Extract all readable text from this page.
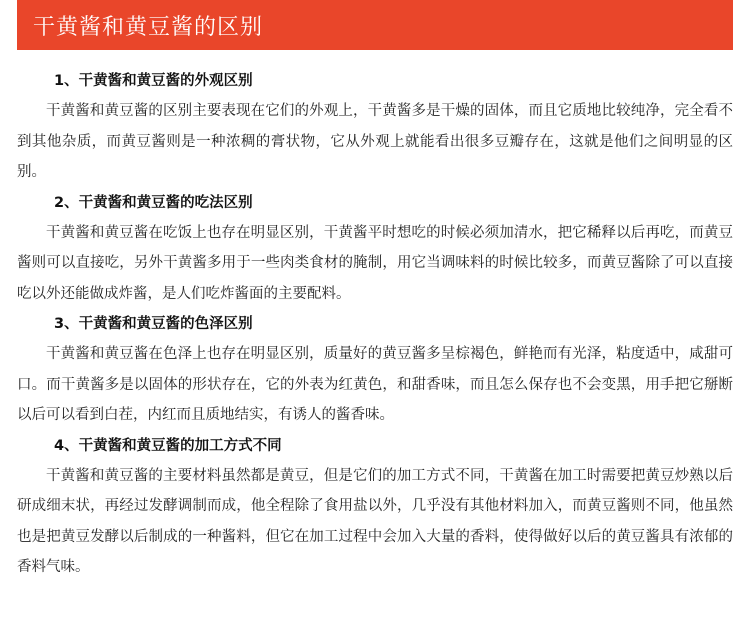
干黄酱和黄豆酱的区别
1、干黄酱和黄豆酱的外观区别

干黄酱和黄豆酱的区别主要表现在它们的外观上，干黄酱多是干燥的固体，而且它质地比较纯净，完全看不到其他杂质，而黄豆酱则是一种浓稠的膏状物，它从外观上就能看出很多豆瓣存在，这就是他们之间明显的区别。

2、干黄酱和黄豆酱的吃法区别

干黄酱和黄豆酱在吃饭上也存在明显区别，干黄酱平时想吃的时候必须加清水，把它稀释以后再吃，而黄豆酱则可以直接吃，另外干黄酱多用于一些肉类食材的腌制，用它当调味料的时候比较多，而黄豆酱除了可以直接吃以外还能做成炸酱，是人们吃炸酱面的主要配料。

3、干黄酱和黄豆酱的色泽区别

干黄酱和黄豆酱在色泽上也存在明显区别，质量好的黄豆酱多呈棕褐色，鲜艳而有光泽，粘度适中，咸甜可口。而干黄酱多是以固体的形状存在，它的外表为红黄色，和甜香味，而且怎么保存也不会变黑，用手把它掰断以后可以看到白茬，内红而且质地结实，有诱人的酱香味。

4、干黄酱和黄豆酱的加工方式不同

干黄酱和黄豆酱的主要材料虽然都是黄豆，但是它们的加工方式不同，干黄酱在加工时需要把黄豆炒熟以后研成细末状，再经过发酵调制而成，他全程除了食用盐以外，几乎没有其他材料加入，而黄豆酱则不同，他虽然也是把黄豆发酵以后制成的一种酱料，但它在加工过程中会加入大量的香料，使得做好以后的黄豆酱具有浓郁的香料气味。
